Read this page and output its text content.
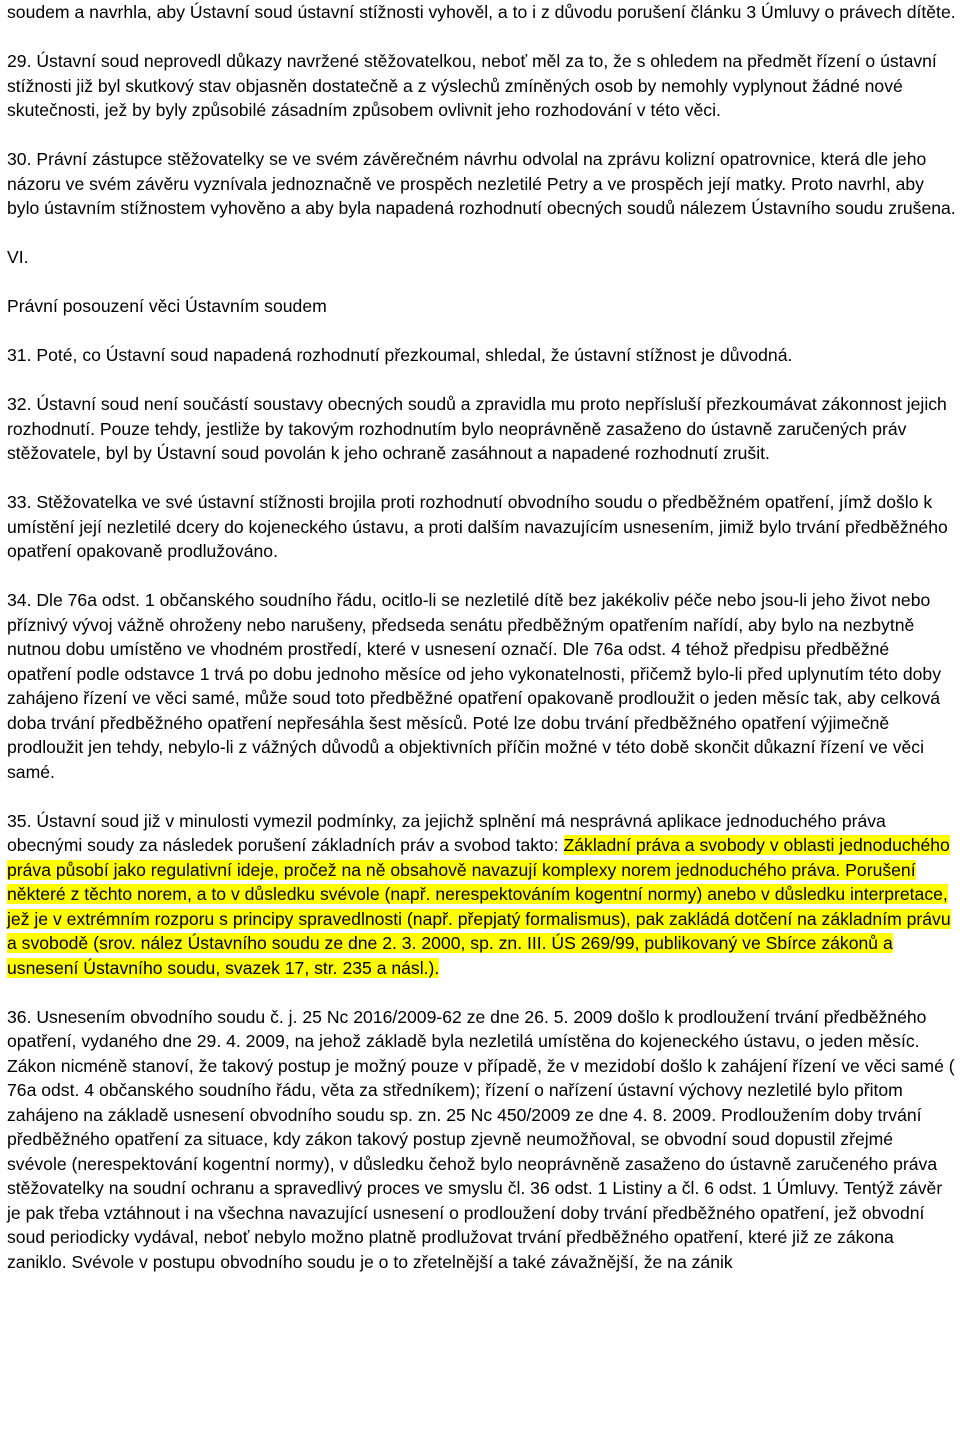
soudem a navrhla, aby Ústavní soud ústavní stížnosti vyhověl, a to i z důvodu porušení článku 3 Úmluvy o právech dítěte.

29. Ústavní soud neprovedl důkazy navržené stěžovatelkou, neboť měl za to, že s ohledem na předmět řízení o ústavní stížnosti již byl skutkový stav objasněn dostatečně a z výslechů zmíněných osob by nemohly vyplynout žádné nové skutečnosti, jež by byly způsobilé zásadním způsobem ovlivnit jeho rozhodování v této věci.

30. Právní zástupce stěžovatelky se ve svém závěrečném návrhu odvolal na zprávu kolizní opatrovnice, která dle jeho názoru ve svém závěru vyznívala jednoznačně ve prospěch nezletilé Petry a ve prospěch její matky. Proto navrhl, aby bylo ústavním stížnostem vyhověno a aby byla napadená rozhodnutí obecných soudů nálezem Ústavního soudu zrušena.

VI.

Právní posouzení věci Ústavním soudem

31. Poté, co Ústavní soud napadená rozhodnutí přezkoumal, shledal, že ústavní stížnost je důvodná.

32. Ústavní soud není součástí soustavy obecných soudů a zpravidla mu proto nepřísluší přezkoumávat zákonnost jejich rozhodnutí. Pouze tehdy, jestliže by takovým rozhodnutím bylo neoprávněně zasaženo do ústavně zaručených práv stěžovatele, byl by Ústavní soud povolán k jeho ochraně zasáhnout a napadené rozhodnutí zrušit.

33. Stěžovatelka ve své ústavní stížnosti brojila proti rozhodnutí obvodního soudu o předběžném opatření, jímž došlo k umístění její nezletilé dcery do kojeneckého ústavu, a proti dalším navazujícím usnesením, jimiž bylo trvání předběžného opatření opakovaně prodlužováno.

34. Dle 76a odst. 1 občanského soudního řádu, ocitlo-li se nezletilé dítě bez jakékoliv péče nebo jsou-li jeho život nebo příznivý vývoj vážně ohroženy nebo narušeny, předseda senátu předběžným opatřením nařídí, aby bylo na nezbytně nutnou dobu umístěno ve vhodném prostředí, které v usnesení označí. Dle 76a odst. 4 téhož předpisu předběžné opatření podle odstavce 1 trvá po dobu jednoho měsíce od jeho vykonatelnosti, přičemž bylo-li před uplynutím této doby zahájeno řízení ve věci samé, může soud toto předběžné opatření opakovaně prodloužit o jeden měsíc tak, aby celková doba trvání předběžného opatření nepřesáhla šest měsíců. Poté lze dobu trvání předběžného opatření výjimečně prodloužit jen tehdy, nebylo-li z vážných důvodů a objektivních příčin možné v této době skončit důkazní řízení ve věci samé.

35. Ústavní soud již v minulosti vymezil podmínky, za jejichž splnění má nesprávná aplikace jednoduchého práva obecnými soudy za následek porušení základních práv a svobod takto: Základní práva a svobody v oblasti jednoduchého práva působí jako regulativní ideje, pročež na ně obsahově navazují komplexy norem jednoduchého práva. Porušení některé z těchto norem, a to v důsledku svévole (např. nerespektováním kogentní normy) anebo v důsledku interpretace, jež je v extrémním rozporu s principy spravedlnosti (např. přepjatý formalismus), pak zakládá dotčení na základním právu a svobodě (srov. nález Ústavního soudu ze dne 2. 3. 2000, sp. zn. III. ÚS 269/99, publikovaný ve Sbírce zákonů a usnesení Ústavního soudu, svazek 17, str. 235 a násl.).

36. Usnesením obvodního soudu č. j. 25 Nc 2016/2009-62 ze dne 26. 5. 2009 došlo k prodloužení trvání předběžného opatření, vydaného dne 29. 4. 2009, na jehož základě byla nezletilá umístěna do kojeneckého ústavu, o jeden měsíc. Zákon nicméně stanoví, že takový postup je možný pouze v případě, že v mezidobí došlo k zahájení řízení ve věci samé ( 76a odst. 4 občanského soudního řádu, věta za středníkem); řízení o nařízení ústavní výchovy nezletilé bylo přitom zahájeno na základě usnesení obvodního soudu sp. zn. 25 Nc 450/2009 ze dne 4. 8. 2009. Prodloužením doby trvání předběžného opatření za situace, kdy zákon takový postup zjevně neumožňoval, se obvodní soud dopustil zřejmé svévole (nerespektování kogentní normy), v důsledku čehož bylo neoprávněně zasaženo do ústavně zaručeného práva stěžovatelky na soudní ochranu a spravedlivý proces ve smyslu čl. 36 odst. 1 Listiny a čl. 6 odst. 1 Úmluvy. Tentýž závěr je pak třeba vztáhnout i na všechna navazující usnesení o prodloužení doby trvání předběžného opatření, jež obvodní soud periodicky vydával, neboť nebylo možno platně prodlužovat trvání předběžného opatření, které již ze zákona zaniklo. Svévole v postupu obvodního soudu je o to zřetelnější a také závažnější, že na zánik
